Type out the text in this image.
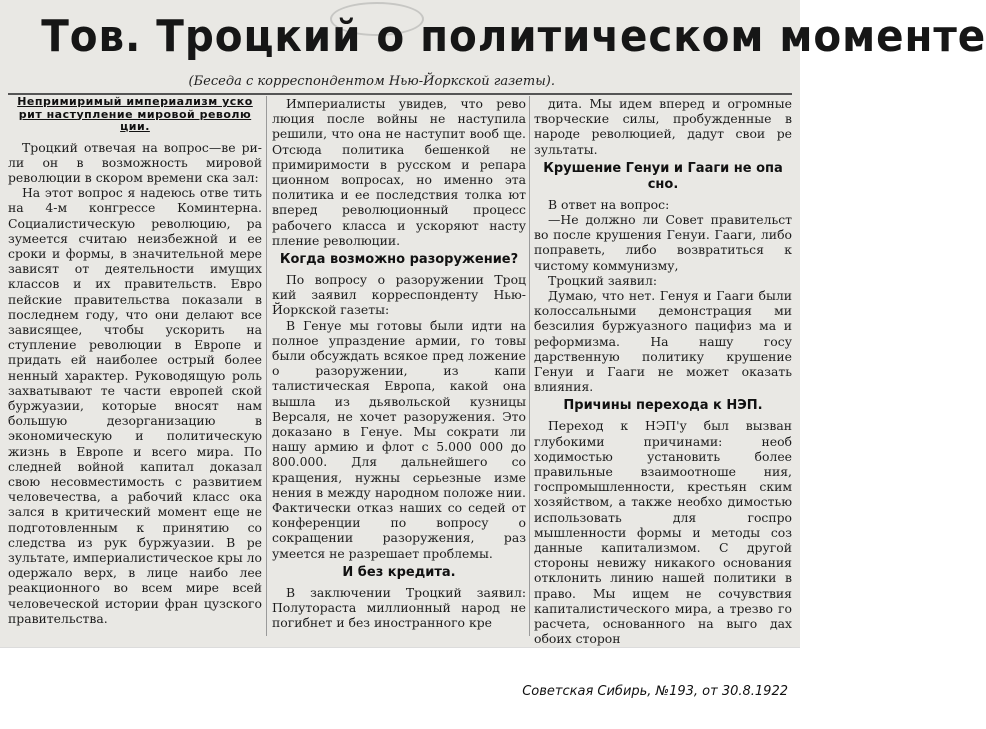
Тов. Троцкий о политическом моменте
(Беседа с корреспондентом Нью-Йоркской газеты).
Непримиримый империализм уско рит наступление мировой револю ции.

Троцкий отвечая на вопрос—ве ри-ли он в возможность мировой революции в скором времени ска зал:

На этот вопрос я надеюсь отве тить на 4-м конгрессе Коминтерна. Социалистическую революцию, ра зумеется считаю неизбежной и ее сроки и формы, в значительной мере зависят от деятельности имущих классов и их правительств. Евро пейские правительства показали в последнем году, что они делают все зависящее, чтобы ускорить на ступление революции в Европе и придать ей наиболее острый более ненный характер. Руководящую роль захватывают те части европей ской буржуазии, которые вносят нам большую дезорганизацию в экономическую и политическую жизнь в Европе и всего мира. По следней войной капитал доказал свою несовместимость с развитием человечества, а рабочий класс ока зался в критический момент еще не подготовленным к принятию со следства из рук буржуазии. В ре зультате, империалистическое кры ло одержало верх, в лице наибо лее реакционного во всем мире всей человеческой истории фран цузского правительства.

Империалисты увидев, что рево люция после войны не наступила решили, что она не наступит вооб ще. Отсюда политика бешенкой не примиримости в русском и репара ционном вопросах, но именно эта политика и ее последствия толка ют вперед революционный процесс рабочего класса и ускоряют насту пление революции.

Когда возможно разоружение?

По вопросу о разоружении Троц кий заявил корреспонденту Нью-Йоркской газеты:

В Генуе мы готовы были идти на полное упраздение армии, го товы были обсуждать всякое пред ложение о разоружении, из капи талистическая Европа, какой она вышла из дьявольской кузницы Версаля, не хочет разоружения. Это доказано в Генуе. Мы сократи ли нашу армию и флот с 5.000 000 до 800.000. Для дальнейшего со кращения, нужны серьезные изме нения в между народном положе нии. Фактически отказ наших со седей от конференции по вопросу о сокращении разоружения, раз умеется не разрешает проблемы.

И без кредита.

В заключении Троцкий заявил: Полутораста миллионный народ не погибнет и без иностранного кре

дита. Мы идем вперед и огромные творческие силы, пробужденные в народе революцией, дадут свои ре зультаты.

Крушение Генуи и Гааги не опа сно.

В ответ на вопрос:

—Не должно ли Совет правительст во после крушения Генуи. Гааги, либо поправеть, либо возвратиться к чистому коммунизму,

Троцкий заявил:

Думаю, что нет. Генуя и Гааги были колоссальными демонстрация ми безсилия буржуазного пацифиз ма и реформизма. На нашу госу дарственную политику крушение Генуи и Гааги не может оказать влияния.

Причины перехода к НЭП.

Переход к НЭП'у был вызван глубокими причинами: необ ходимостью установить более правильные взаимоотноше ния, госпромышленности, крестьян ским хозяйством, а также необхо димостью использовать для госпро мышленности формы и методы соз данные капитализмом. С другой стороны невижу никакого основания отклонить линию нашей политики в право. Мы ищем не сочувствия капиталистического мира, а трезво го расчета, основанного на выго дах обоих сторон

Советская Сибирь, №193, от 30.8.1922
